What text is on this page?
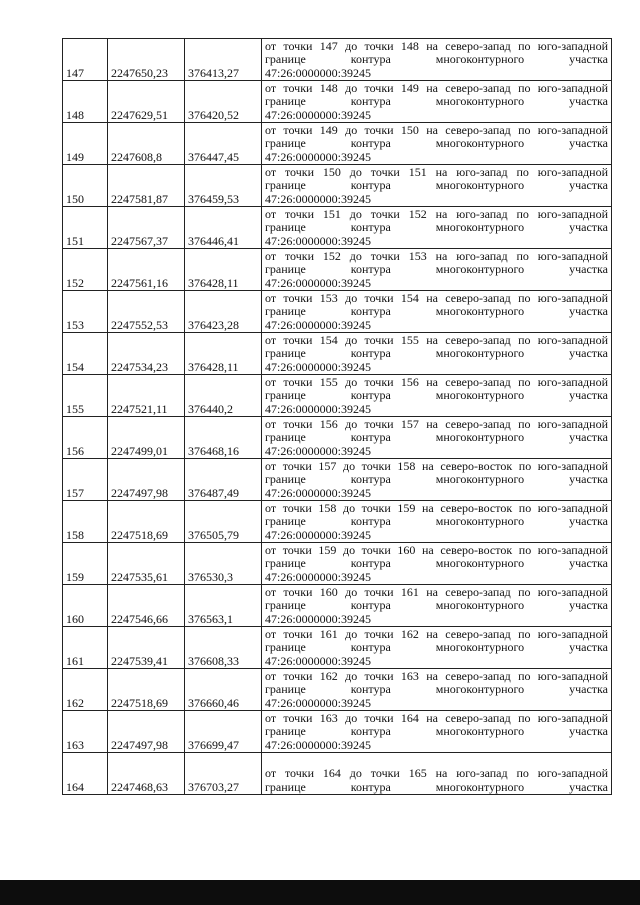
147	2247650,23	376413,27	от точки 147 до точки 148 на северо-запад по юго-западной
границе контура многоконтурного участка
47:26:0000000:39245

148	2247629,51	376420,52	от точки 148 до точки 149 на северо-запад по юго-западной
границе контура многоконтурного участка
47:26:0000000:39245

149	2247608,8	376447,45	от точки 149 до точки 150 на северо-запад по юго-западной
границе контура многоконтурного участка
47:26:0000000:39245

150	2247581,87	376459,53	от точки 150 до точки 151 на юго-запад по юго-западной
границе контура многоконтурного участка
47:26:0000000:39245

151	2247567,37	376446,41	от точки 151 до точки 152 на юго-запад по юго-западной
границе контура многоконтурного участка
47:26:0000000:39245

152	2247561,16	376428,11	от точки 152 до точки 153 на юго-запад по юго-западной
границе контура многоконтурного участка
47:26:0000000:39245

153	2247552,53	376423,28	от точки 153 до точки 154 на северо-запад по юго-западной
границе контура многоконтурного участка
47:26:0000000:39245

154	2247534,23	376428,11	от точки 154 до точки 155 на северо-запад по юго-западной
границе контура многоконтурного участка
47:26:0000000:39245

155	2247521,11	376440,2	от точки 155 до точки 156 на северо-запад по юго-западной
границе контура многоконтурного участка
47:26:0000000:39245

156	2247499,01	376468,16	от точки 156 до точки 157 на северо-запад по юго-западной
границе контура многоконтурного участка
47:26:0000000:39245

157	2247497,98	376487,49	от точки 157 до точки 158 на северо-восток по юго-западной
границе контура многоконтурного участка
47:26:0000000:39245

158	2247518,69	376505,79	от точки 158 до точки 159 на северо-восток по юго-западной
границе контура многоконтурного участка
47:26:0000000:39245

159	2247535,61	376530,3	от точки 159 до точки 160 на северо-восток по юго-западной
границе контура многоконтурного участка
47:26:0000000:39245

160	2247546,66	376563,1	от точки 160 до точки 161 на северо-запад по юго-западной
границе контура многоконтурного участка
47:26:0000000:39245

161	2247539,41	376608,33	от точки 161 до точки 162 на северо-запад по юго-западной
границе контура многоконтурного участка
47:26:0000000:39245

162	2247518,69	376660,46	от точки 162 до точки 163 на северо-запад по юго-западной
границе контура многоконтурного участка
47:26:0000000:39245

163	2247497,98	376699,47	от точки 163 до точки 164 на северо-запад по юго-западной
границе контура многоконтурного участка
47:26:0000000:39245

164	2247468,63	376703,27	от точки 164 до точки 165 на юго-запад по юго-западной
границе контура многоконтурного участка
